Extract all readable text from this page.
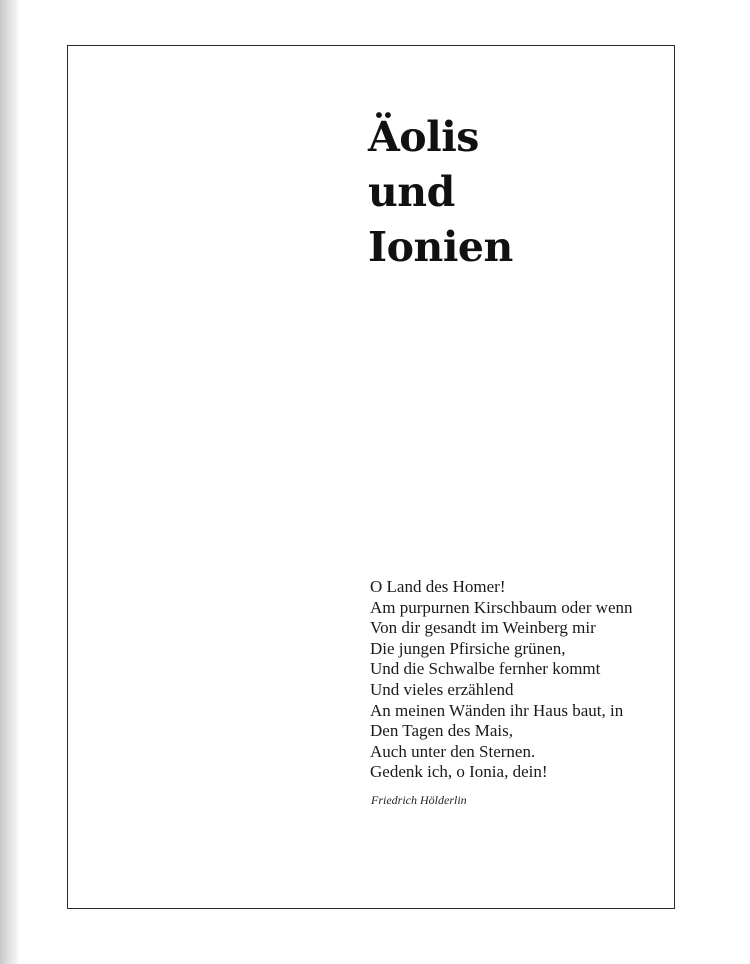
Äolis
und
Ionien
O Land des Homer!
Am purpurnen Kirschbaum oder wenn
Von dir gesandt im Weinberg mir
Die jungen Pfirsiche grünen,
Und die Schwalbe fernher kommt
Und vieles erzählend
An meinen Wänden ihr Haus baut, in
Den Tagen des Mais,
Auch unter den Sternen.
Gedenk ich, o Ionia, dein!

Friedrich Hölderlin
